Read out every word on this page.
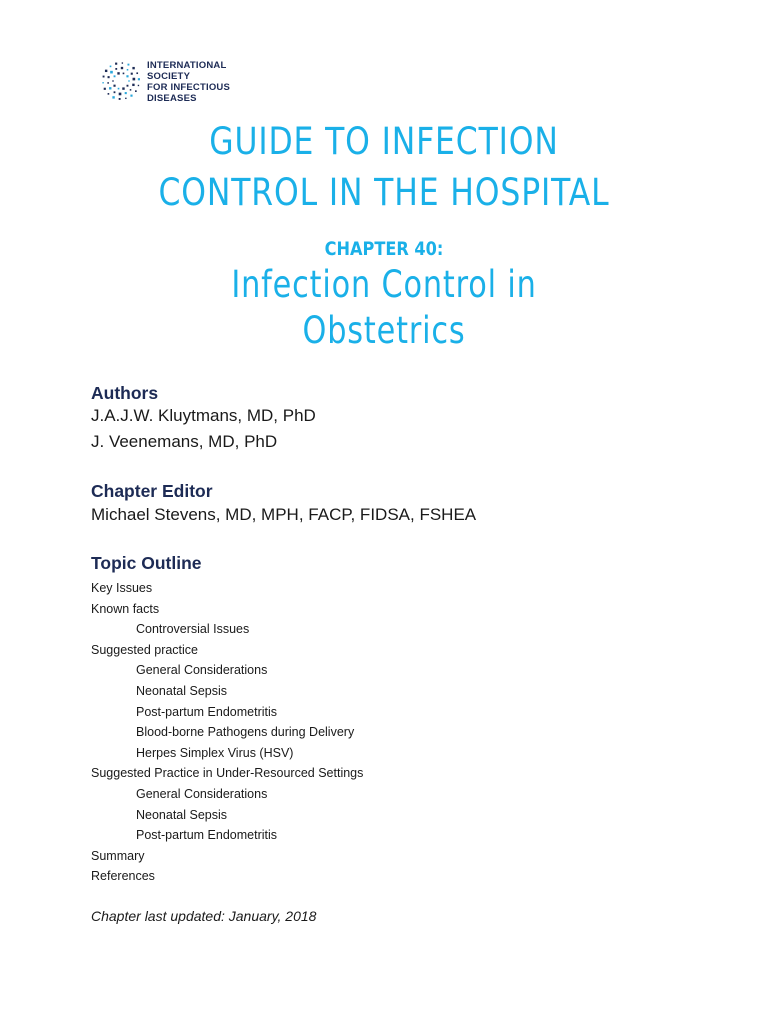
INTERNATIONAL
SOCIETY
FOR INFECTIOUS
DISEASES
GUIDE TO INFECTION
CONTROL IN THE HOSPITAL
CHAPTER 40:
Infection Control in
Obstetrics
Authors
J.A.J.W. Kluytmans, MD, PhD
J. Veenemans, MD, PhD
Chapter Editor
Michael Stevens, MD, MPH, FACP, FIDSA, FSHEA
Topic Outline
Key Issues
Known facts
Controversial Issues
Suggested practice
General Considerations
Neonatal Sepsis
Post-partum Endometritis
Blood-borne Pathogens during Delivery
Herpes Simplex Virus (HSV)
Suggested Practice in Under-Resourced Settings
General Considerations
Neonatal Sepsis
Post-partum Endometritis
Summary
References
Chapter last updated: January, 2018
